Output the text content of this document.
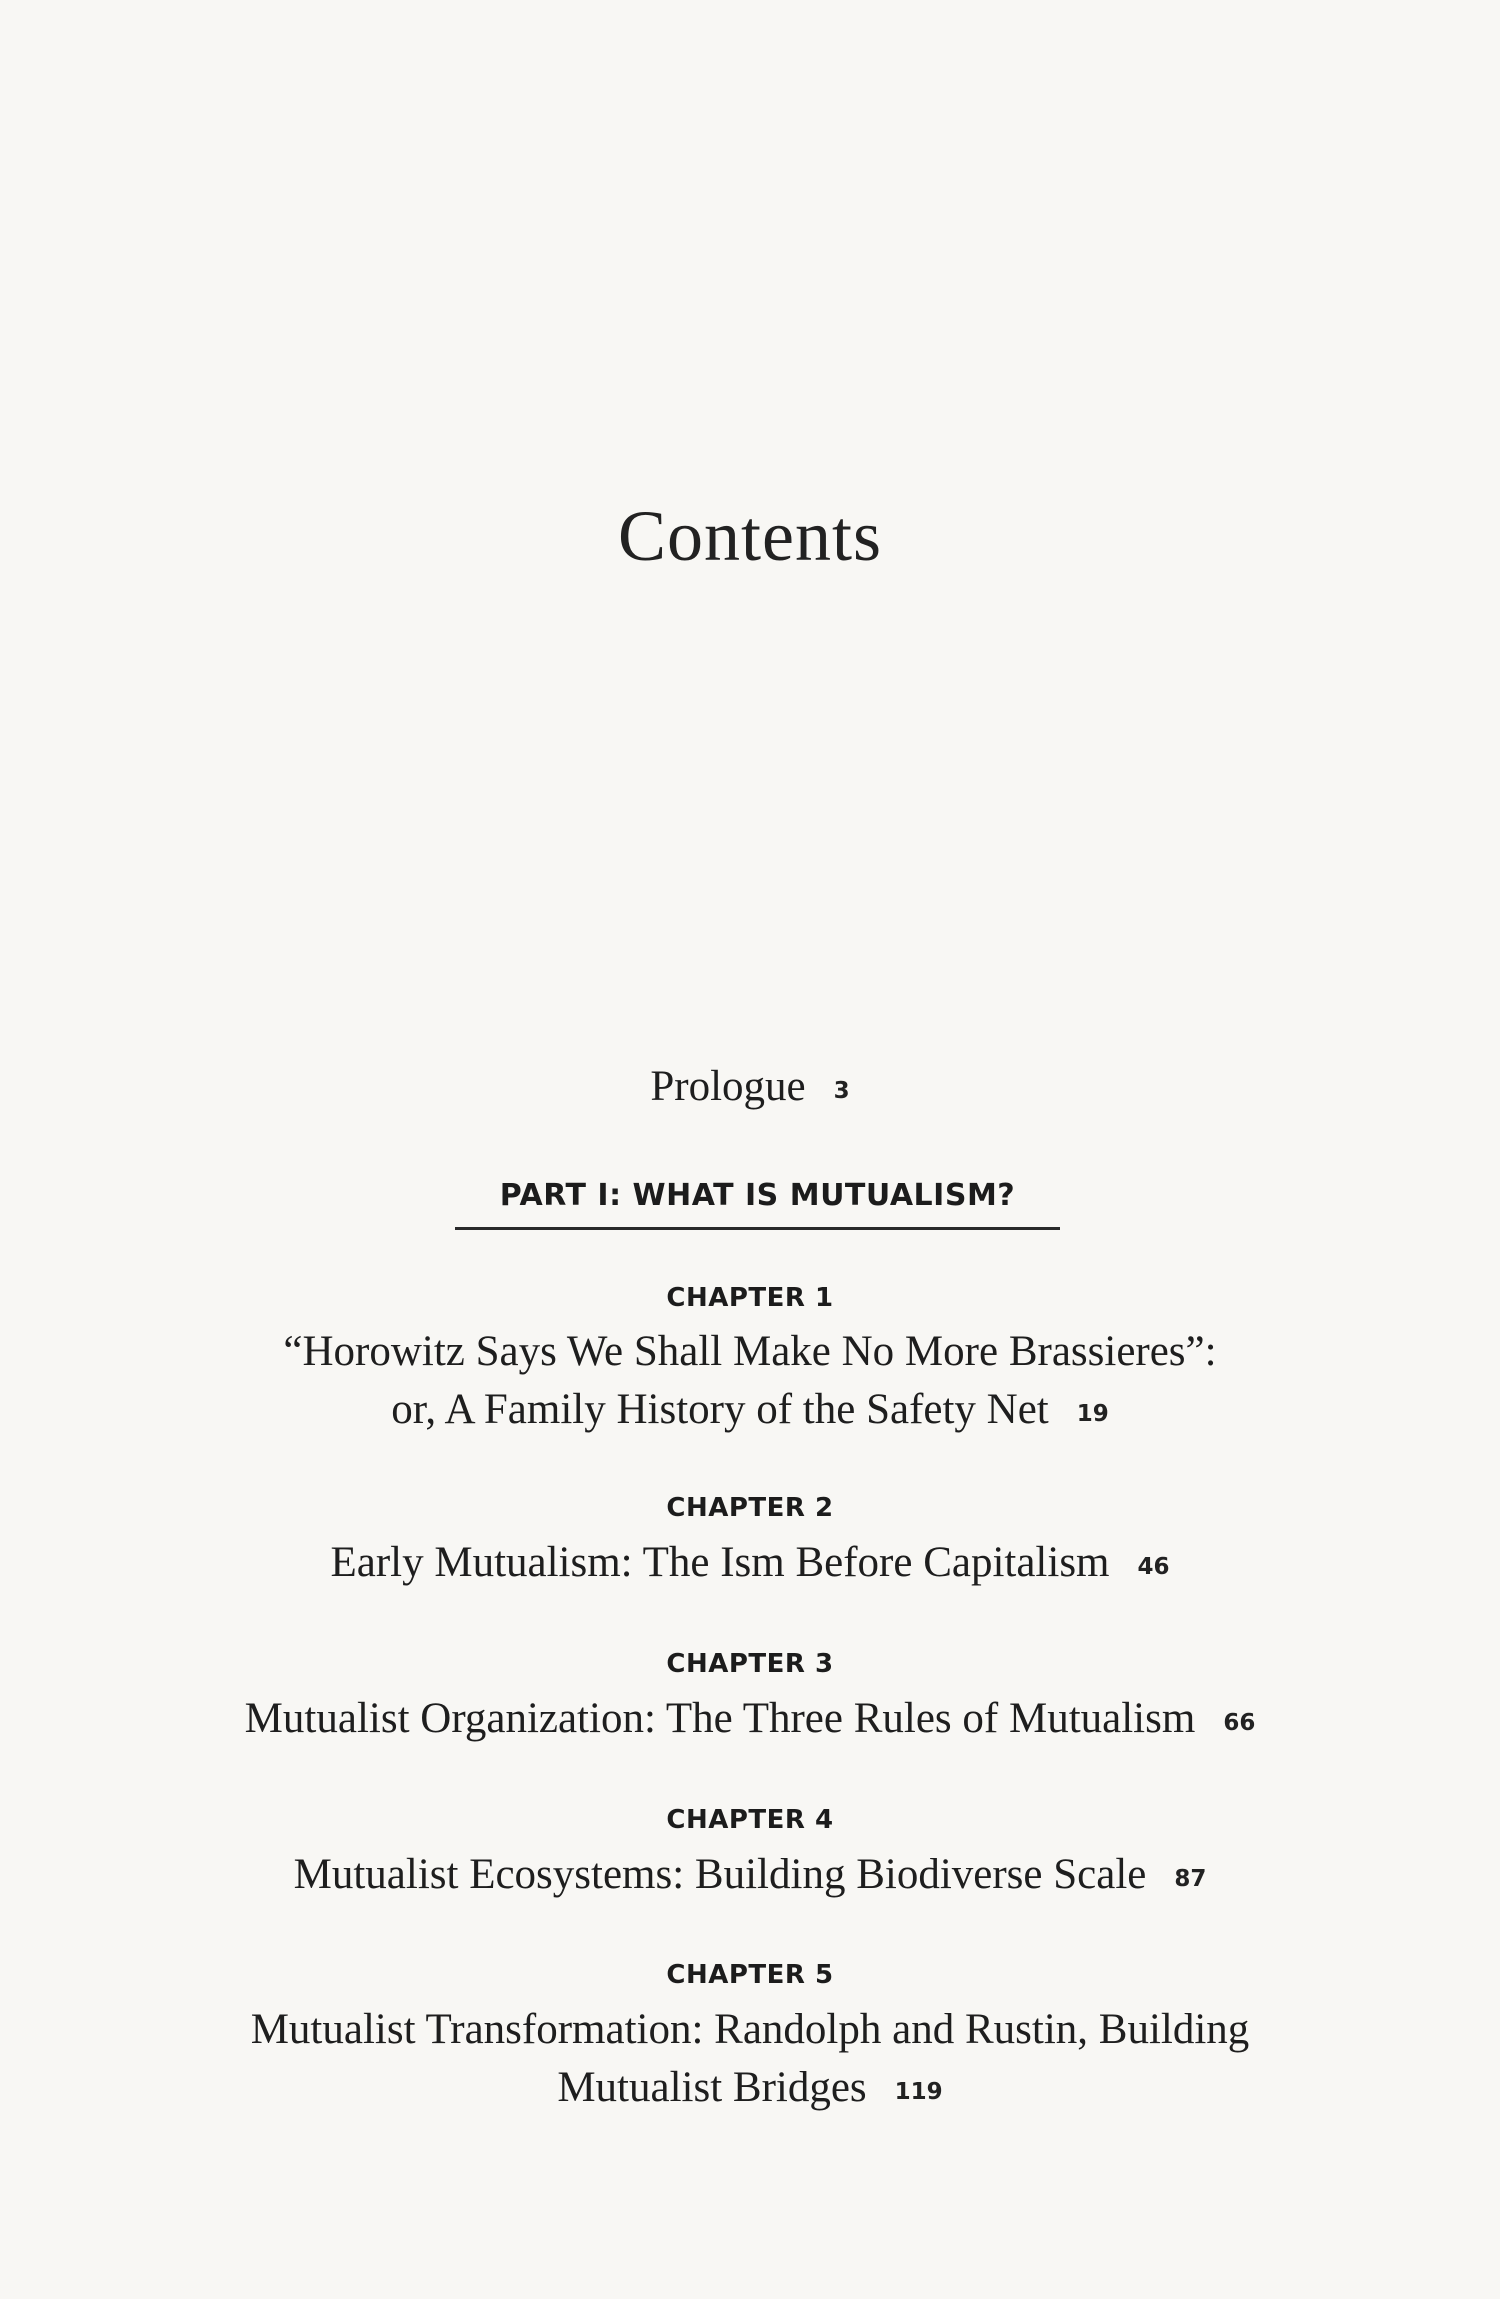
Contents
Prologue 3
PART I: WHAT IS MUTUALISM?
CHAPTER 1
“Horowitz Says We Shall Make No More Brassieres”:
or, A Family History of the Safety Net 19
CHAPTER 2
Early Mutualism: The Ism Before Capitalism 46
CHAPTER 3
Mutualist Organization: The Three Rules of Mutualism 66
CHAPTER 4
Mutualist Ecosystems: Building Biodiverse Scale 87
CHAPTER 5
Mutualist Transformation: Randolph and Rustin, Building
Mutualist Bridges 119
